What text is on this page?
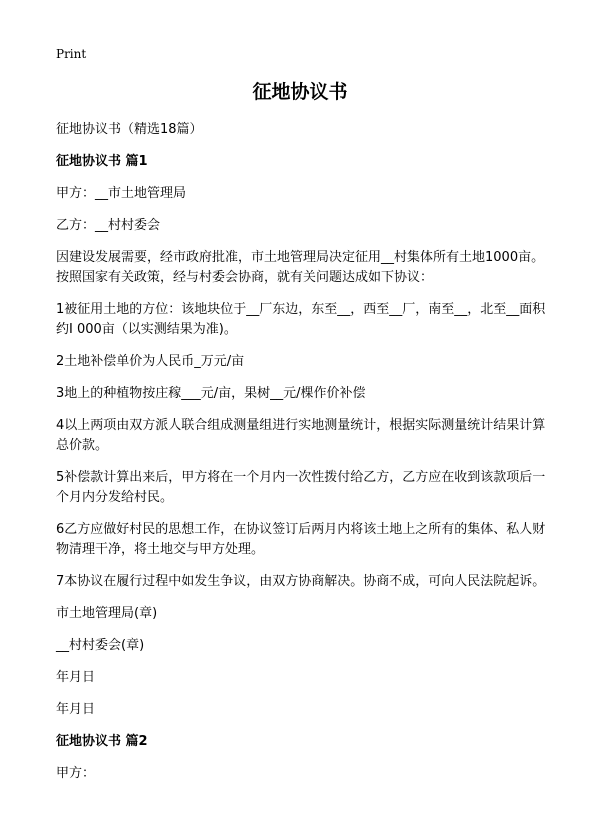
Print
征地协议书

征地协议书（精选18篇）

征地协议书 篇1

甲方：__市土地管理局

乙方：__村村委会

因建设发展需要，经市政府批准，市土地管理局决定征用__村集体所有土地1000亩。按照国家有关政策，经与村委会协商，就有关问题达成如下协议：

1被征用土地的方位：该地块位于__厂东边，东至__，西至__厂，南至__，北至__面积约I 000亩（以实测结果为准)。

2土地补偿单价为人民币_万元/亩

3地上的种植物按庄稼___元/亩，果树__元/棵作价补偿

4以上两项由双方派人联合组成测量组进行实地测量统计，根据实际测量统计结果计算总价款。

5补偿款计算出来后，甲方将在一个月内一次性拨付给乙方，乙方应在收到该款项后一个月内分发给村民。

6乙方应做好村民的思想工作，在协议签订后两月内将该土地上之所有的集体、私人财物清理干净，将土地交与甲方处理。

7本协议在履行过程中如发生争议，由双方协商解决。协商不成，可向人民法院起诉。

市土地管理局(章)

__村村委会(章)

年月日

年月日

征地协议书 篇2

甲方：
